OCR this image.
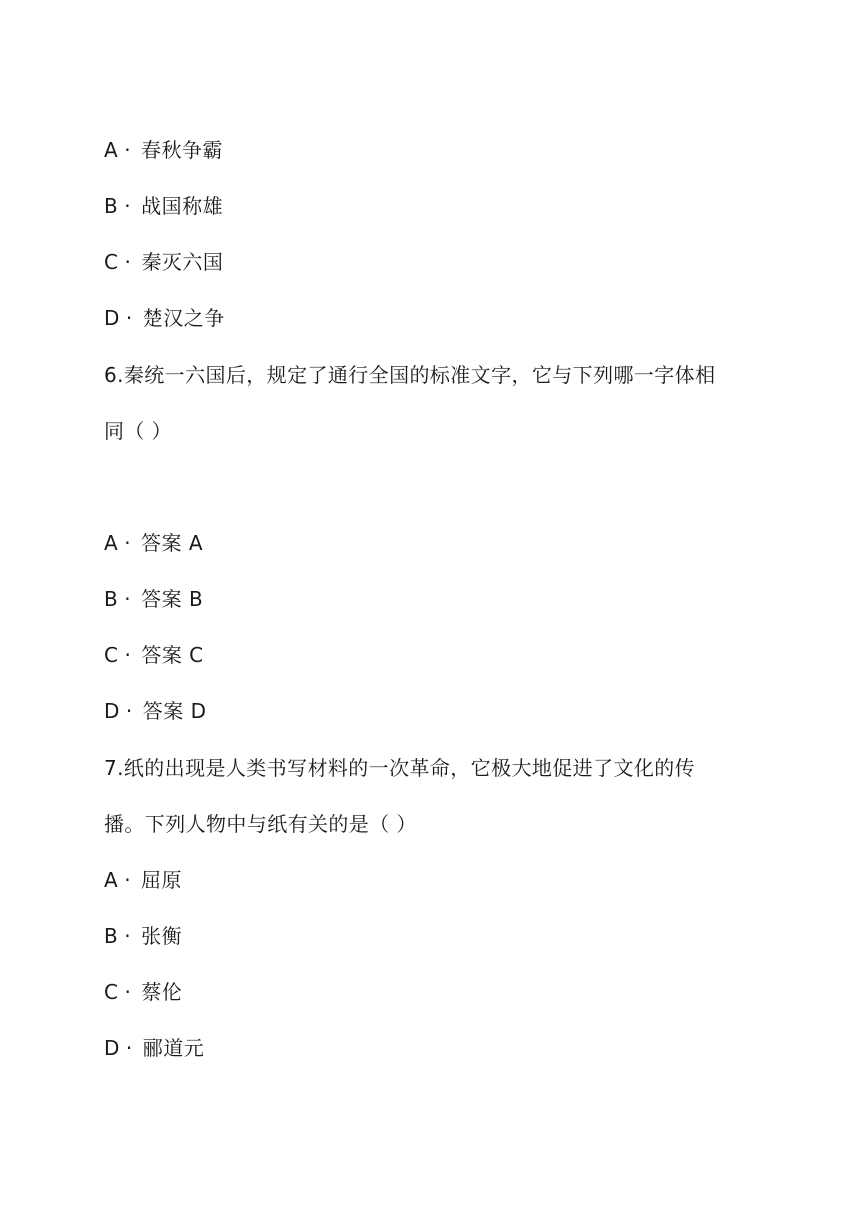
A · 春秋争霸
B · 战国称雄
C · 秦灭六国
D · 楚汉之争
6.秦统一六国后，规定了通行全国的标准文字，它与下列哪一字体相
同（ ）
A · 答案 A
B · 答案 B
C · 答案 C
D · 答案 D
7.纸的出现是人类书写材料的一次革命，它极大地促进了文化的传
播。下列人物中与纸有关的是（ ）
A · 屈原
B · 张衡
C · 蔡伦
D · 郦道元
